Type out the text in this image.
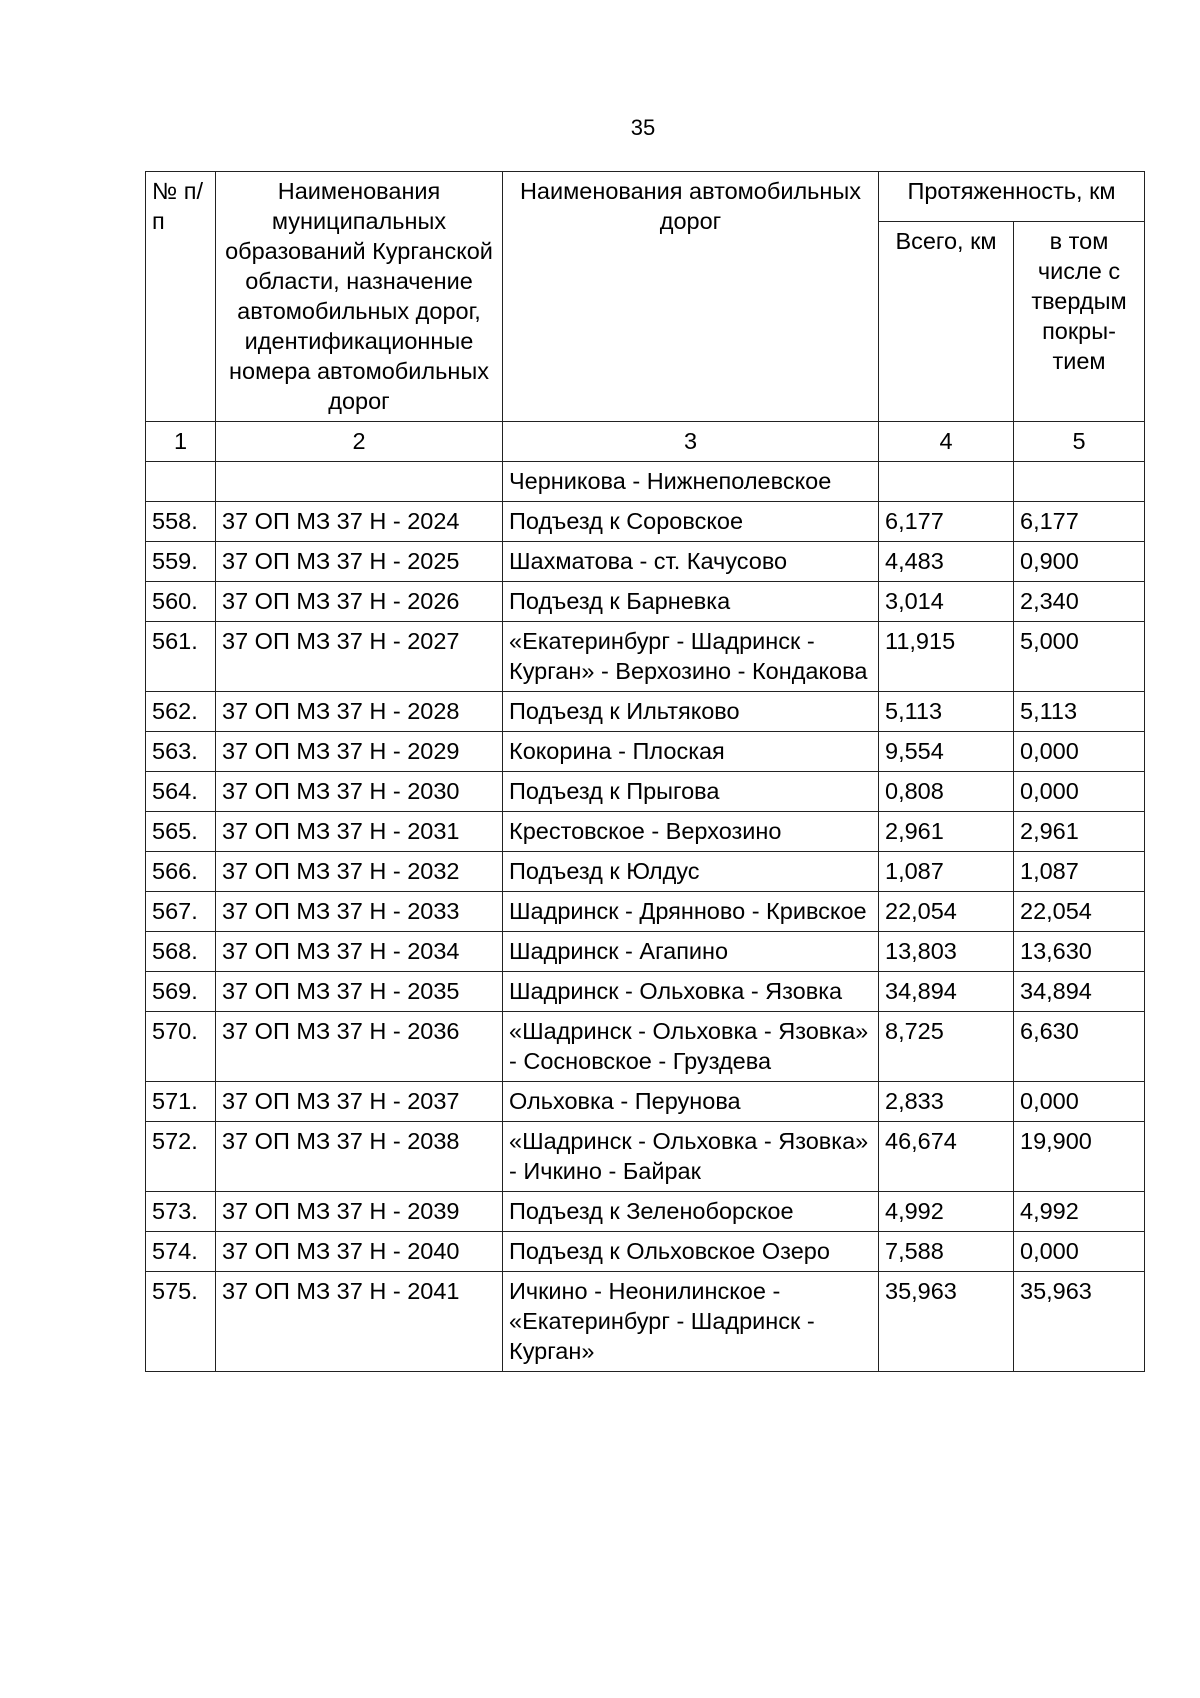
35
№ п/п	Наименования муниципальных образований Курганской области, назначение автомобильных дорог, идентификационные номера автомобильных дорог	Наименования автомобильных дорог	Протяженность, км	
			Всего, км	в том числе с твердым покры-тием
1	2	3	4	5
		Черникова - Нижнеполевское		
558.	37 ОП МЗ 37 Н - 2024	Подъезд к Соровское	6,177	6,177
559.	37 ОП МЗ 37 Н - 2025	Шахматова - ст. Качусово	4,483	0,900
560.	37 ОП МЗ 37 Н - 2026	Подъезд к Барневка	3,014	2,340
561.	37 ОП МЗ 37 Н - 2027	«Екатеринбург - Шадринск - Курган» - Верхозино - Кондакова	11,915	5,000
562.	37 ОП МЗ 37 Н - 2028	Подъезд к Ильтяково	5,113	5,113
563.	37 ОП МЗ 37 Н - 2029	Кокорина - Плоская	9,554	0,000
564.	37 ОП МЗ 37 Н - 2030	Подъезд к Прыгова	0,808	0,000
565.	37 ОП МЗ 37 Н - 2031	Крестовское - Верхозино	2,961	2,961
566.	37 ОП МЗ 37 Н - 2032	Подъезд к Юлдус	1,087	1,087
567.	37 ОП МЗ 37 Н - 2033	Шадринск - Дрянново - Кривское	22,054	22,054
568.	37 ОП МЗ 37 Н - 2034	Шадринск - Агапино	13,803	13,630
569.	37 ОП МЗ 37 Н - 2035	Шадринск - Ольховка - Язовка	34,894	34,894
570.	37 ОП МЗ 37 Н - 2036	«Шадринск - Ольховка - Язовка» - Сосновское - Груздева	8,725	6,630
571.	37 ОП МЗ 37 Н - 2037	Ольховка - Перунова	2,833	0,000
572.	37 ОП МЗ 37 Н - 2038	«Шадринск - Ольховка - Язовка» - Ичкино - Байрак	46,674	19,900
573.	37 ОП МЗ 37 Н - 2039	Подъезд к Зеленоборское	4,992	4,992
574.	37 ОП МЗ 37 Н - 2040	Подъезд к Ольховское Озеро	7,588	0,000
575.	37 ОП МЗ 37 Н - 2041	Ичкино - Неонилинское - «Екатеринбург - Шадринск - Курган»	35,963	35,963
